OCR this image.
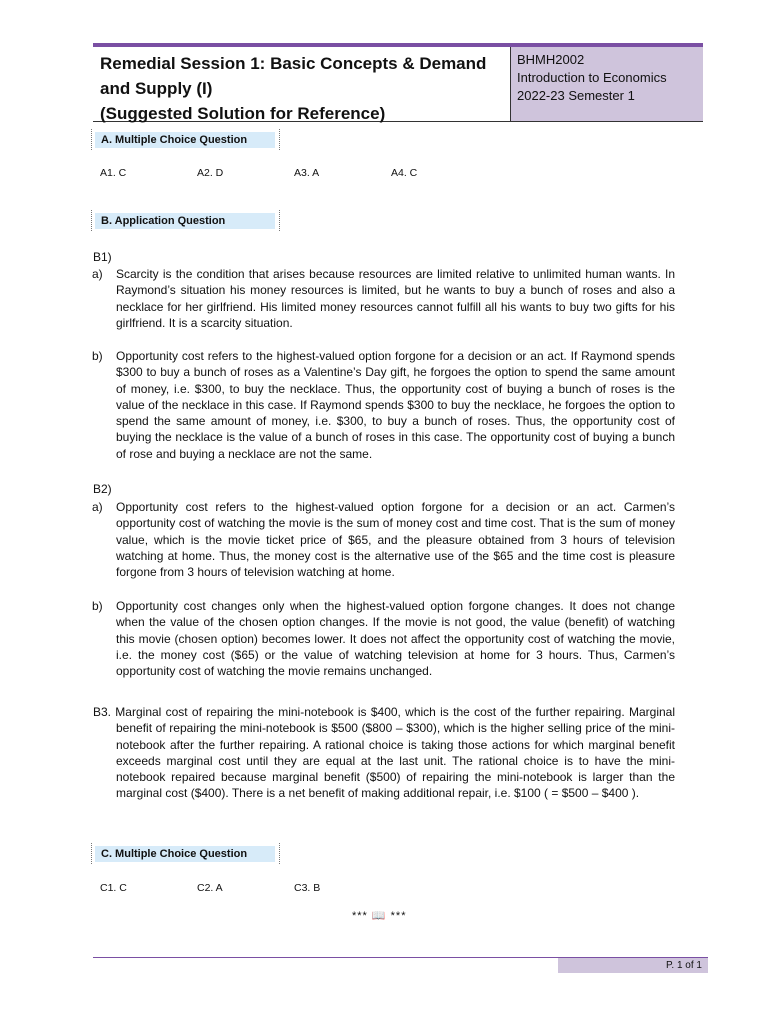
Remedial Session 1: Basic Concepts & Demand
and Supply (I)
(Suggested Solution for Reference)
BHMH2002
Introduction to Economics
2022-23 Semester 1
A. Multiple Choice Question
A1. C	A2. D	A3. A	A4. C
B. Application Question
B1)

a) Scarcity is the condition that arises because resources are limited relative to unlimited human wants. In Raymond’s situation his money resources is limited, but he wants to buy a bunch of roses and also a necklace for her girlfriend. His limited money resources cannot fulfill all his wants to buy two gifts for his girlfriend. It is a scarcity situation.

b) Opportunity cost refers to the highest-valued option forgone for a decision or an act. If Raymond spends $300 to buy a bunch of roses as a Valentine’s Day gift, he forgoes the option to spend the same amount of money, i.e. $300, to buy the necklace. Thus, the opportunity cost of buying a bunch of roses is the value of the necklace in this case. If Raymond spends $300 to buy the necklace, he forgoes the option to spend the same amount of money, i.e. $300, to buy a bunch of roses. Thus, the opportunity cost of buying the necklace is the value of a bunch of roses in this case. The opportunity cost of buying a bunch of rose and buying a necklace are not the same.

B2)

a) Opportunity cost refers to the highest-valued option forgone for a decision or an act. Carmen’s opportunity cost of watching the movie is the sum of money cost and time cost. That is the sum of money value, which is the movie ticket price of $65, and the pleasure obtained from 3 hours of television watching at home. Thus, the money cost is the alternative use of the $65 and the time cost is pleasure forgone from 3 hours of television watching at home.

b) Opportunity cost changes only when the highest-valued option forgone changes. It does not change when the value of the chosen option changes. If the movie is not good, the value (benefit) of watching this movie (chosen option) becomes lower. It does not affect the opportunity cost of watching the movie, i.e. the money cost ($65) or the value of watching television at home for 3 hours. Thus, Carmen’s opportunity cost of watching the movie remains unchanged.

B3. Marginal cost of repairing the mini-notebook is $400, which is the cost of the further repairing. Marginal benefit of repairing the mini-notebook is $500 ($800 – $300), which is the higher selling price of the mini-notebook after the further repairing. A rational choice is taking those actions for which marginal benefit exceeds marginal cost until they are equal at the last unit. The rational choice is to have the mini-notebook repaired because marginal benefit ($500) of repairing the mini-notebook is larger than the marginal cost ($400). There is a net benefit of making additional repair, i.e. $100 ( = $500 – $400 ).

C. Multiple Choice Question
C1. C	C2. A	C3. B
*** 📖 ***
P. 1 of 1
